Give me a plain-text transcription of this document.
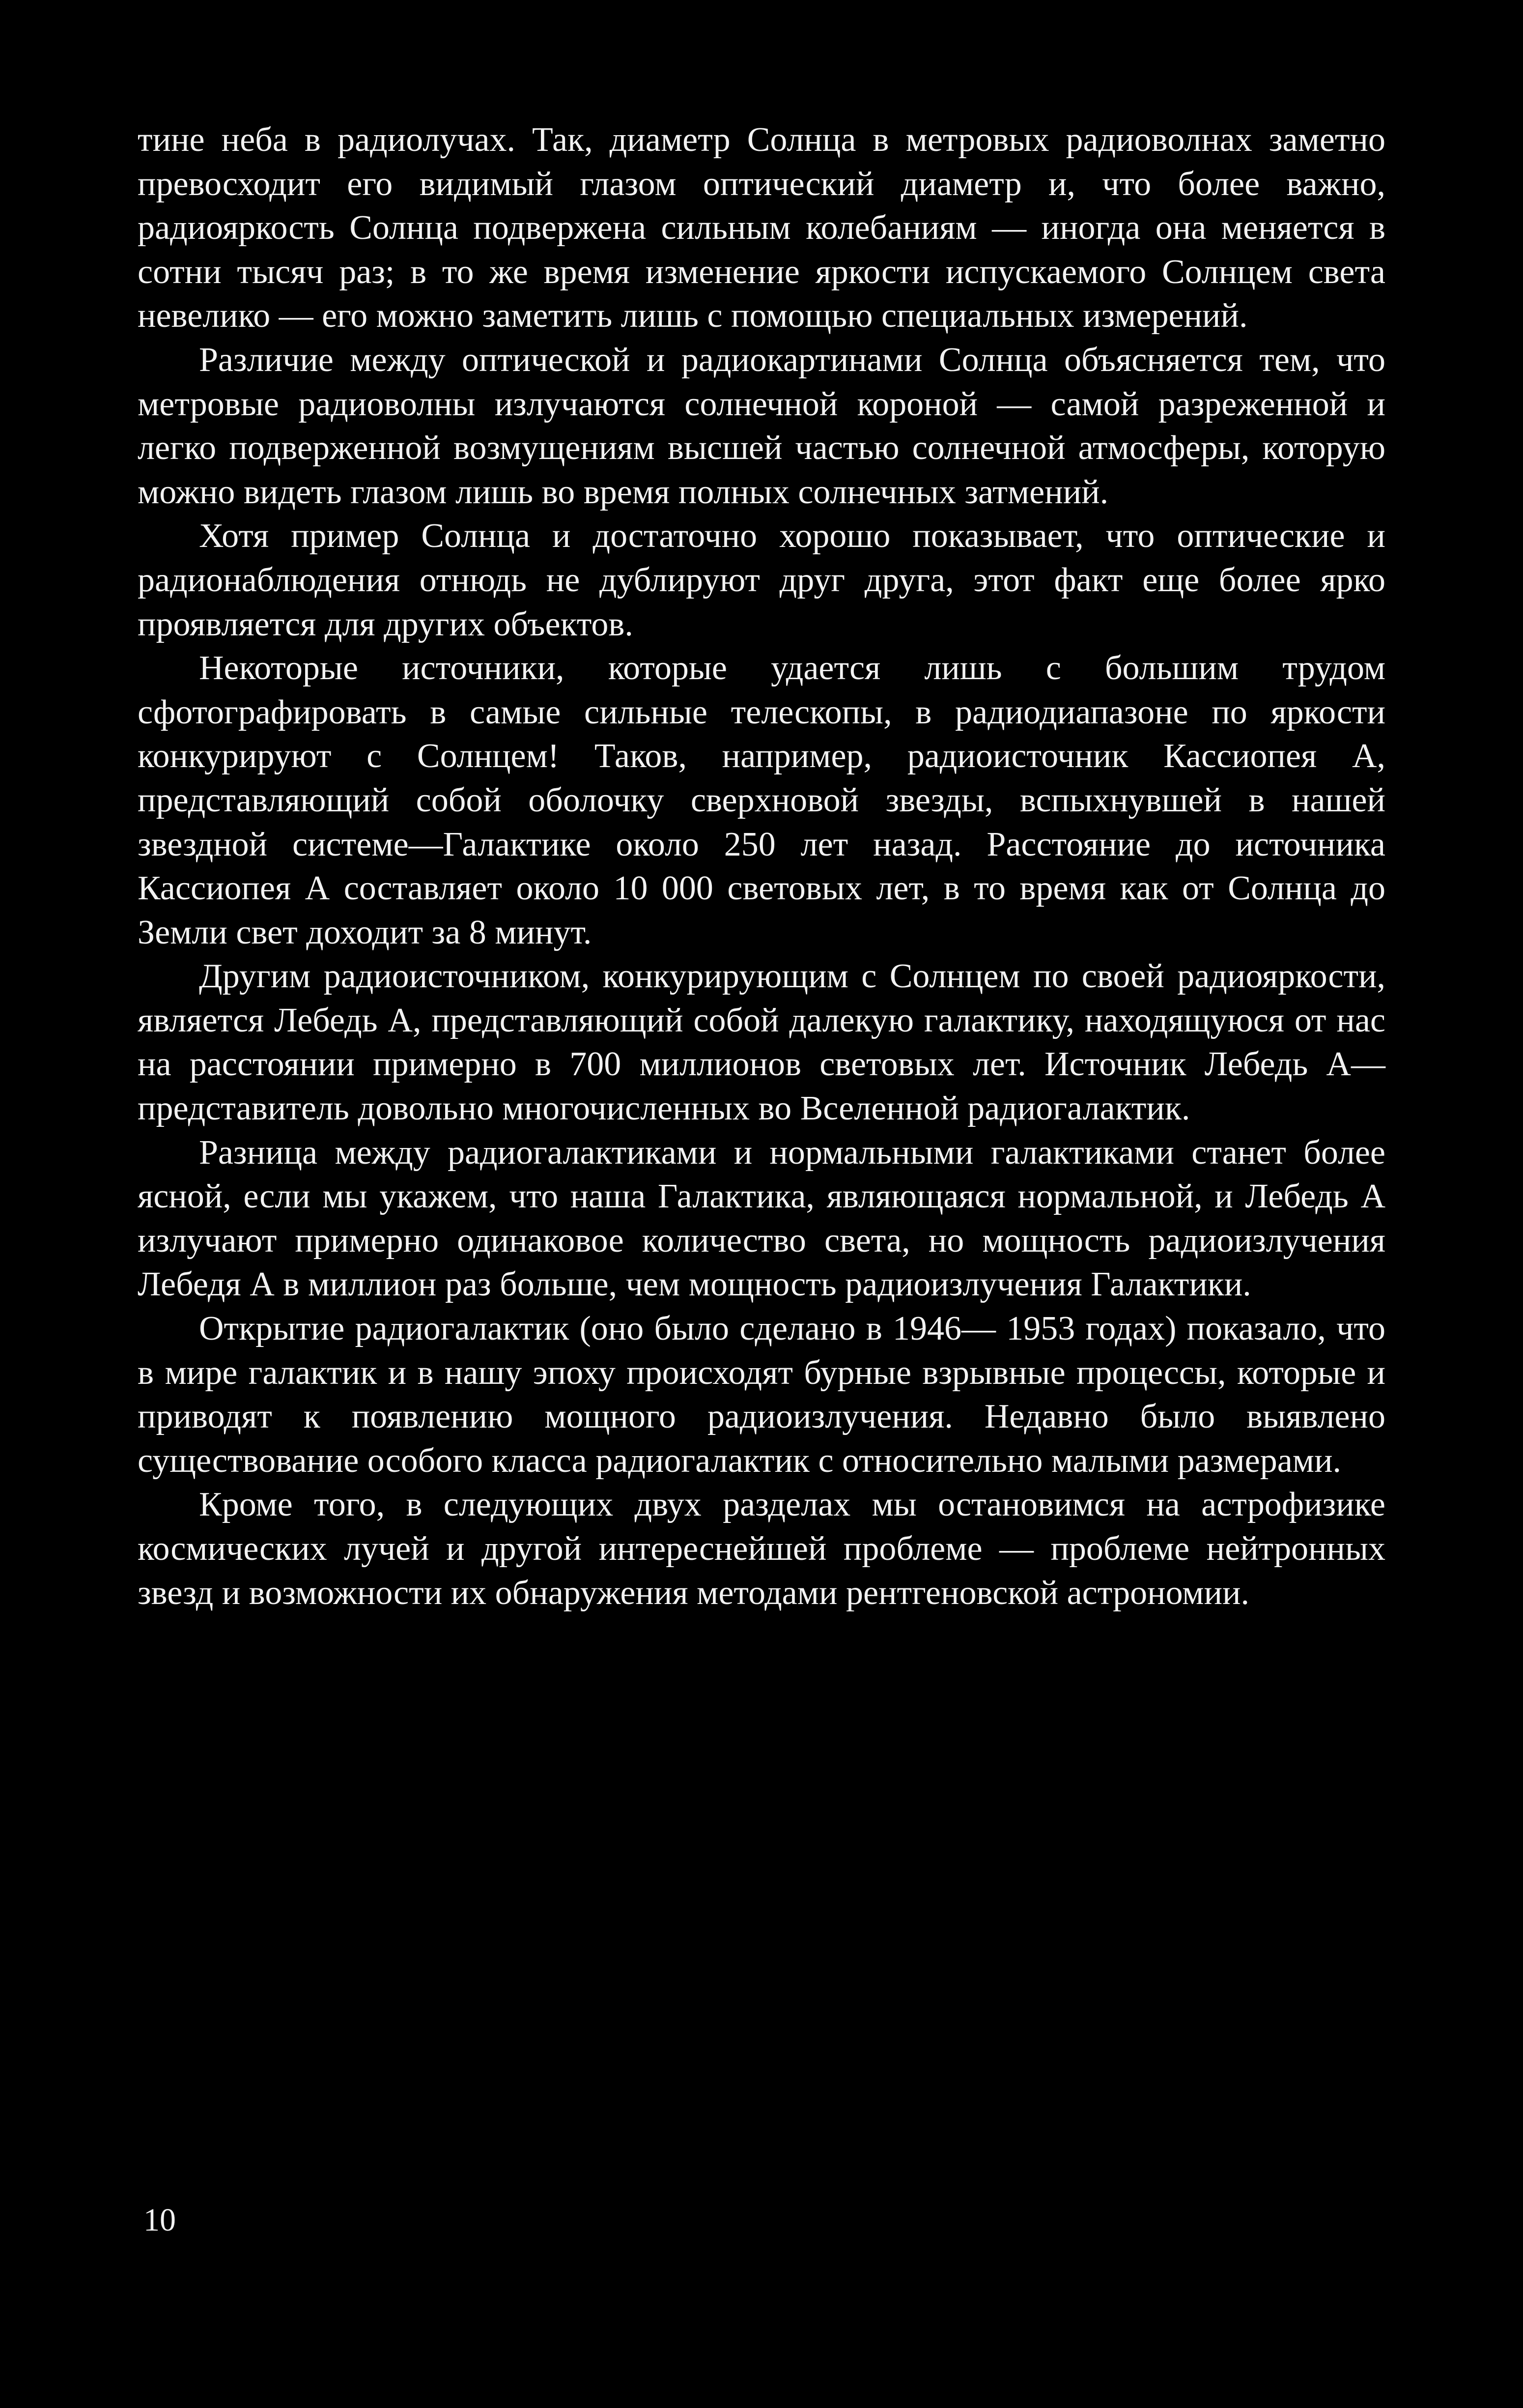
тине неба в радиолучах. Так, диаметр Солнца в метровых радиоволнах заметно превосходит его видимый глазом оптический диаметр и, что более важно, радиояркость Солнца подвержена сильным колебаниям — иногда она меняется в сотни тысяч раз; в то же время изменение яркости испускаемого Солнцем света невелико — его можно заметить лишь с помощью специальных измерений.

Различие между оптической и радиокартинами Солнца объясняется тем, что метровые радиоволны излучаются солнечной короной — самой разреженной и легко подверженной возмущениям высшей частью солнечной атмосферы, которую можно видеть глазом лишь во время полных солнечных затмений.

Хотя пример Солнца и достаточно хорошо показывает, что оптические и радионаблюдения отнюдь не дублируют друг друга, этот факт еще более ярко проявляется для других объектов.

Некоторые источники, которые удается лишь с большим трудом сфотографировать в самые сильные телескопы, в радиодиапазоне по яркости конкурируют с Солнцем! Таков, например, радиоисточник Кассиопея А, представляющий собой оболочку сверхновой звезды, вспыхнувшей в нашей звездной системе—Галактике около 250 лет назад. Расстояние до источника Кассиопея А составляет около 10 000 световых лет, в то время как от Солнца до Земли свет доходит за 8 минут.

Другим радиоисточником, конкурирующим с Солнцем по своей радиояркости, является Лебедь А, представляющий собой далекую галактику, находящуюся от нас на расстоянии примерно в 700 миллионов световых лет. Источник Лебедь А— представитель довольно многочисленных во Вселенной радиогалактик.

Разница между радиогалактиками и нормальными галактиками станет более ясной, если мы укажем, что наша Галактика, являющаяся нормальной, и Лебедь А излучают примерно одинаковое количество света, но мощность радиоизлучения Лебедя А в миллион раз больше, чем мощность радиоизлучения Галактики.

Открытие радиогалактик (оно было сделано в 1946— 1953 годах) показало, что в мире галактик и в нашу эпоху происходят бурные взрывные процессы, которые и приводят к появлению мощного радиоизлучения. Недавно было выявлено существование особого класса радиогалактик с относительно малыми размерами.

Кроме того, в следующих двух разделах мы остановимся на астрофизике космических лучей и другой интереснейшей проблеме — проблеме нейтронных звезд и возможности их обнаружения методами рентгеновской астрономии.

10
